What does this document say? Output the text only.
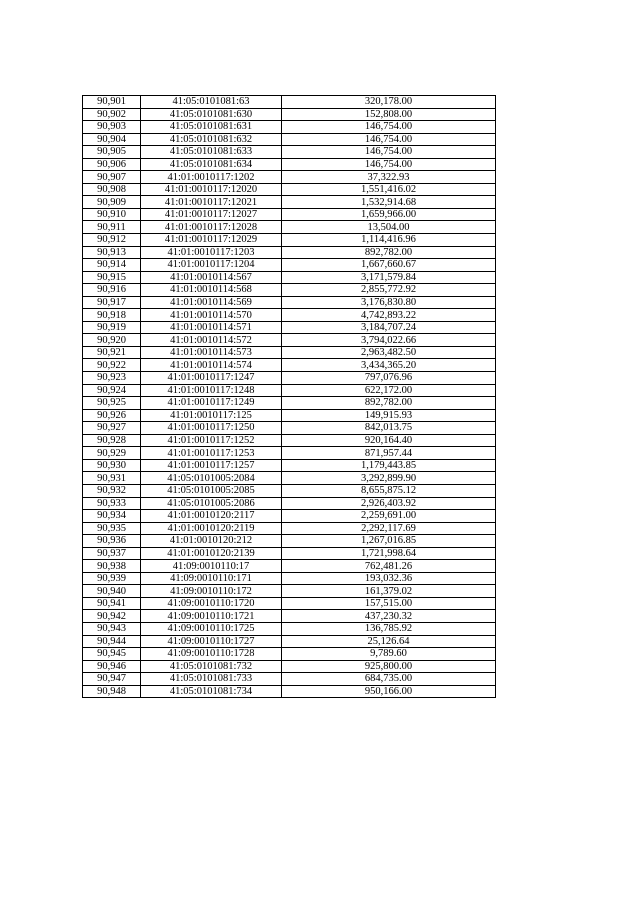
90,901	41:05:0101081:63	320,178.00
90,902	41:05:0101081:630	152,808.00
90,903	41:05:0101081:631	146,754.00
90,904	41:05:0101081:632	146,754.00
90,905	41:05:0101081:633	146,754.00
90,906	41:05:0101081:634	146,754.00
90,907	41:01:0010117:1202	37,322.93
90,908	41:01:0010117:12020	1,551,416.02
90,909	41:01:0010117:12021	1,532,914.68
90,910	41:01:0010117:12027	1,659,966.00
90,911	41:01:0010117:12028	13,504.00
90,912	41:01:0010117:12029	1,114,416.96
90,913	41:01:0010117:1203	892,782.00
90,914	41:01:0010117:1204	1,667,660.67
90,915	41:01:0010114:567	3,171,579.84
90,916	41:01:0010114:568	2,855,772.92
90,917	41:01:0010114:569	3,176,830.80
90,918	41:01:0010114:570	4,742,893.22
90,919	41:01:0010114:571	3,184,707.24
90,920	41:01:0010114:572	3,794,022.66
90,921	41:01:0010114:573	2,963,482.50
90,922	41:01:0010114:574	3,434,365.20
90,923	41:01:0010117:1247	797,076.96
90,924	41:01:0010117:1248	622,172.00
90,925	41:01:0010117:1249	892,782.00
90,926	41:01:0010117:125	149,915.93
90,927	41:01:0010117:1250	842,013.75
90,928	41:01:0010117:1252	920,164.40
90,929	41:01:0010117:1253	871,957.44
90,930	41:01:0010117:1257	1,179,443.85
90,931	41:05:0101005:2084	3,292,899.90
90,932	41:05:0101005:2085	8,655,875.12
90,933	41:05:0101005:2086	2,926,403.92
90,934	41:01:0010120:2117	2,259,691.00
90,935	41:01:0010120:2119	2,292,117.69
90,936	41:01:0010120:212	1,267,016.85
90,937	41:01:0010120:2139	1,721,998.64
90,938	41:09:0010110:17	762,481.26
90,939	41:09:0010110:171	193,032.36
90,940	41:09:0010110:172	161,379.02
90,941	41:09:0010110:1720	157,515.00
90,942	41:09:0010110:1721	437,230.32
90,943	41:09:0010110:1725	136,785.92
90,944	41:09:0010110:1727	25,126.64
90,945	41:09:0010110:1728	9,789.60
90,946	41:05:0101081:732	925,800.00
90,947	41:05:0101081:733	684,735.00
90,948	41:05:0101081:734	950,166.00
